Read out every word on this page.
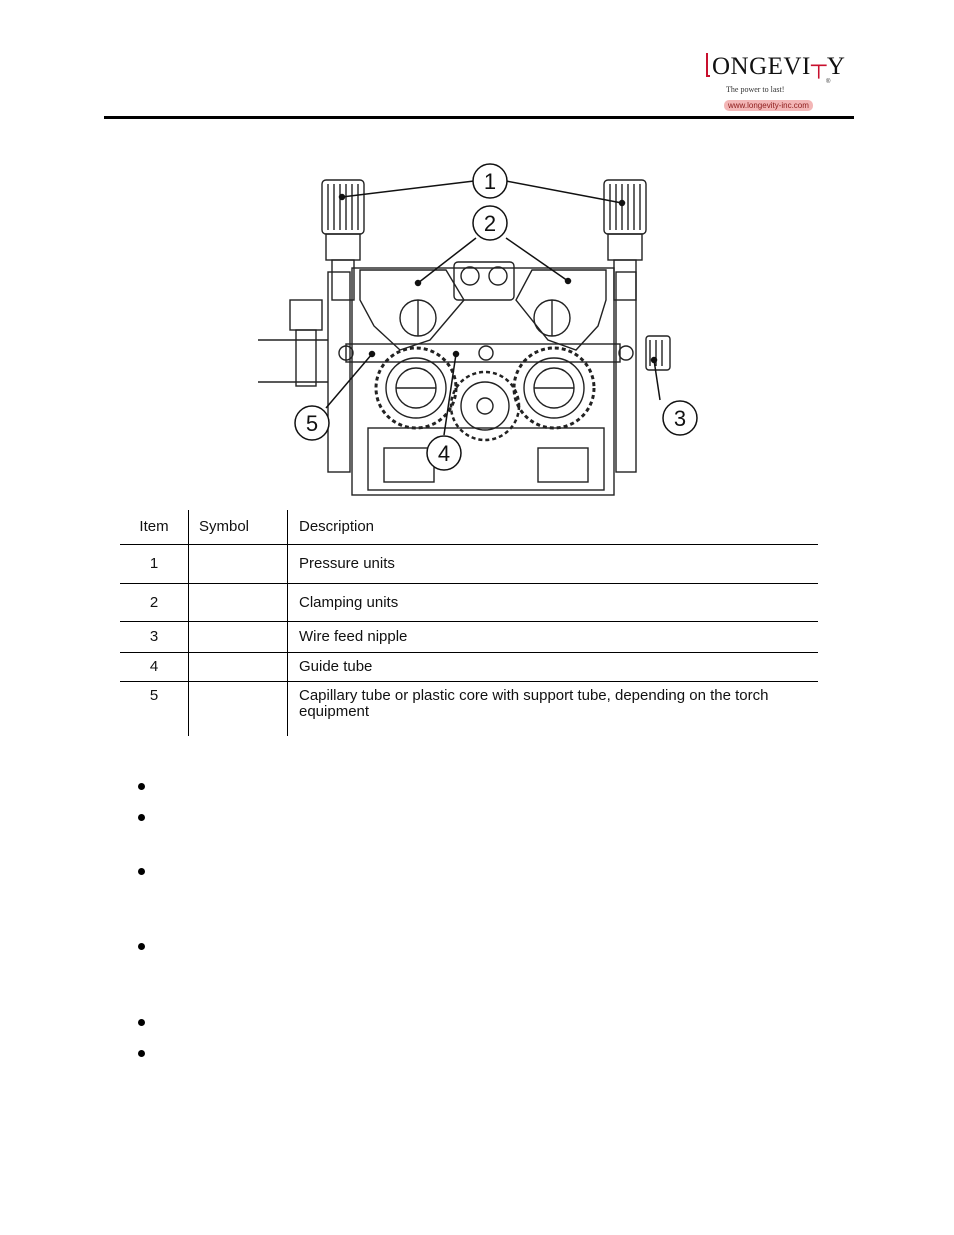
ONGEVI┬Y
®
The power to last!
www.longevity-inc.com
1
2
3
4
5
Item	Symbol	Description
1		Pressure units
2		Clamping units
3		Wire feed nipple
4		Guide tube
5		Capillary tube or plastic core with support tube, depending on the torch equipment
